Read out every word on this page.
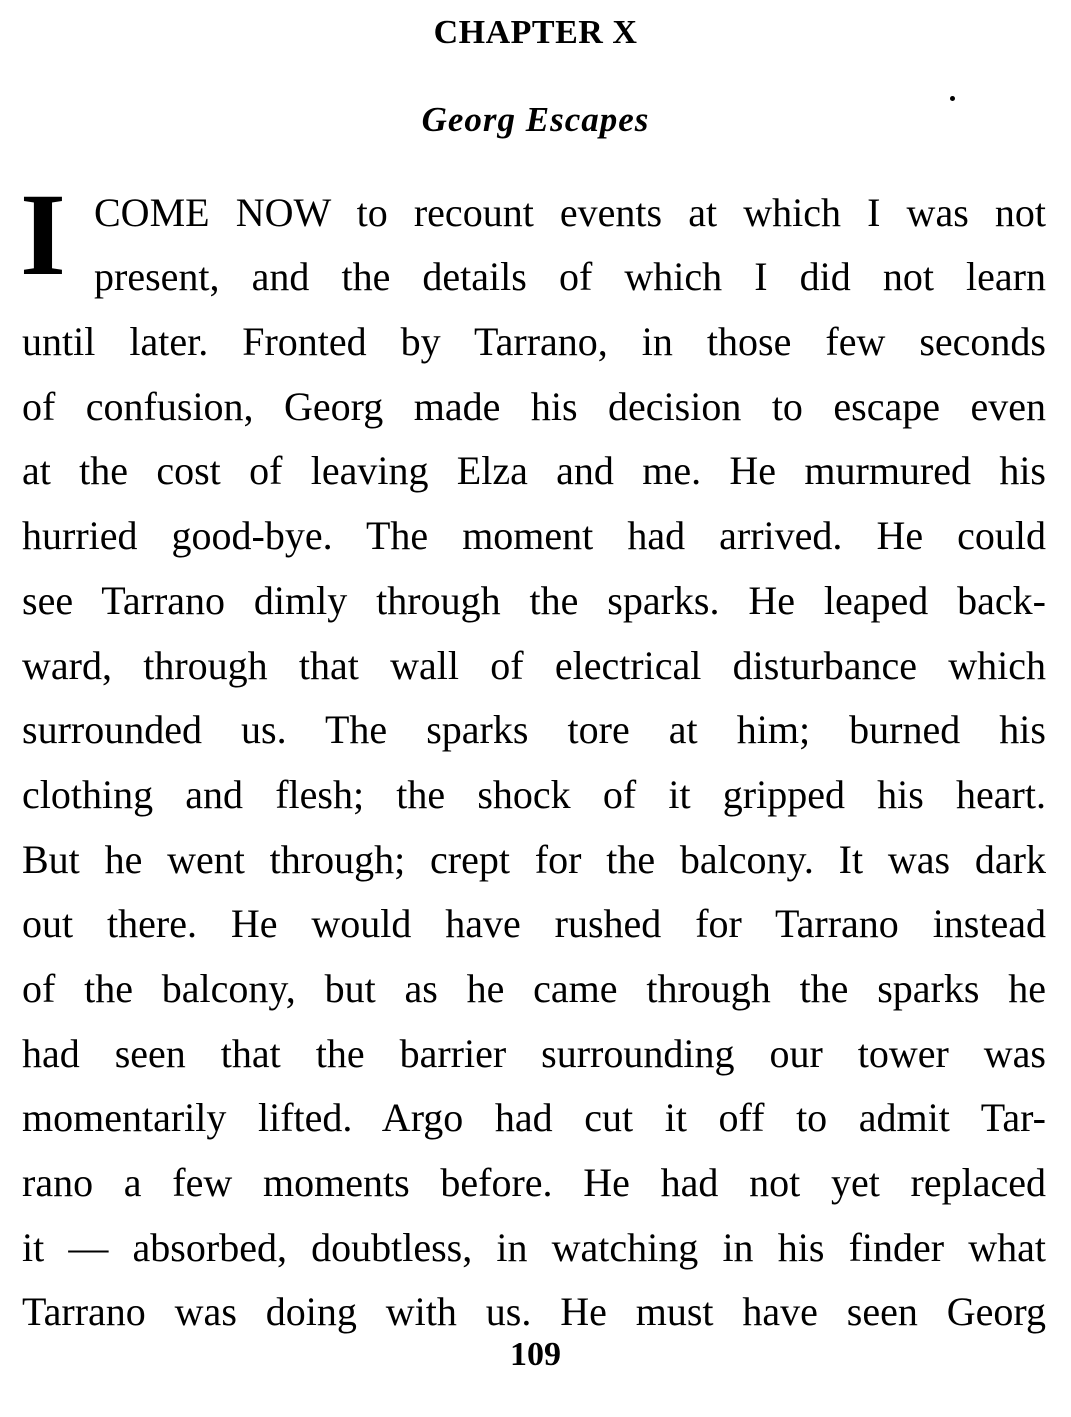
CHAPTER X
Georg Escapes
I COME NOW to recount events at which I was not
present, and the details of which I did not learn
until later. Fronted by Tarrano, in those few seconds
of confusion, Georg made his decision to escape even
at the cost of leaving Elza and me. He murmured his
hurried good-bye. The moment had arrived. He could
see Tarrano dimly through the sparks. He leaped back-
ward, through that wall of electrical disturbance which
surrounded us. The sparks tore at him; burned his
clothing and flesh; the shock of it gripped his heart.
But he went through; crept for the balcony. It was dark
out there. He would have rushed for Tarrano instead
of the balcony, but as he came through the sparks he
had seen that the barrier surrounding our tower was
momentarily lifted. Argo had cut it off to admit Tar-
rano a few moments before. He had not yet replaced
it — absorbed, doubtless, in watching in his finder what
Tarrano was doing with us. He must have seen Georg
109
